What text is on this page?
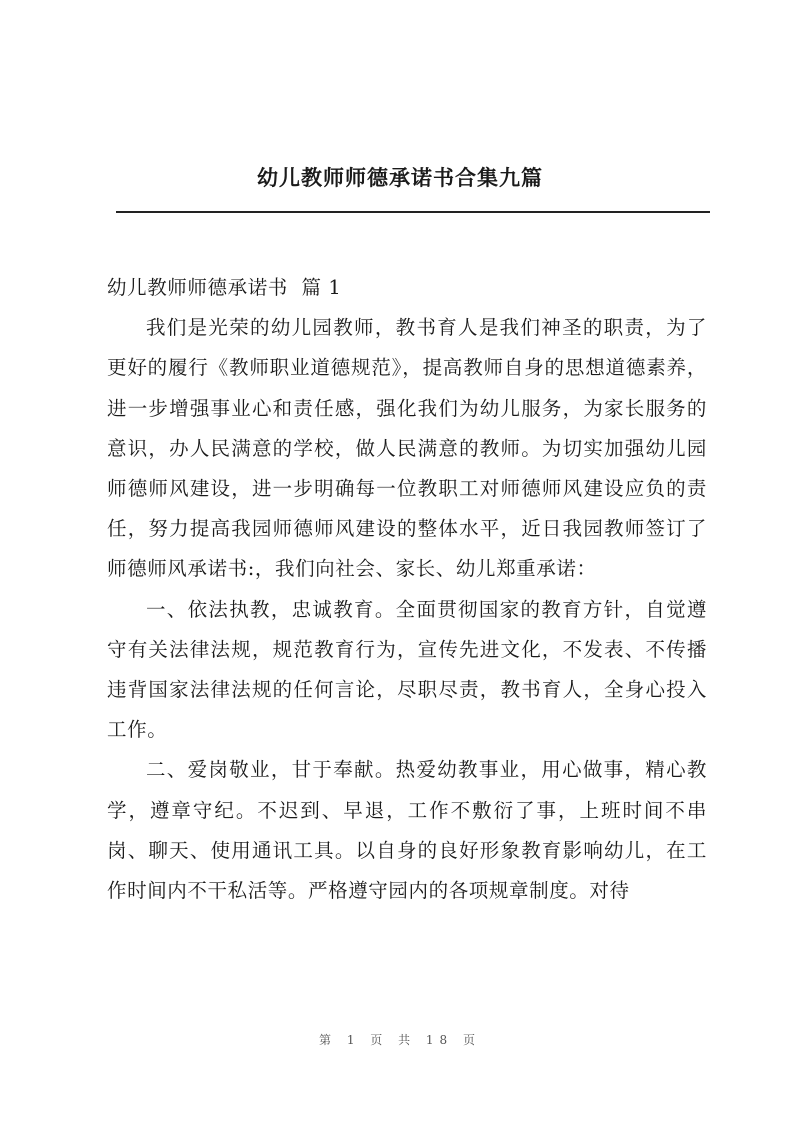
幼儿教师师德承诺书合集九篇

幼儿教师师德承诺书  篇 1

我们是光荣的幼儿园教师，教书育人是我们神圣的职责，为了更好的履行《教师职业道德规范》，提高教师自身的思想道德素养，进一步增强事业心和责任感，强化我们为幼儿服务，为家长服务的意识，办人民满意的学校，做人民满意的教师。为切实加强幼儿园师德师风建设，进一步明确每一位教职工对师德师风建设应负的责任，努力提高我园师德师风建设的整体水平，近日我园教师签订了师德师风承诺书:，我们向社会、家长、幼儿郑重承诺：

一、依法执教，忠诚教育。全面贯彻国家的教育方针，自觉遵守有关法律法规，规范教育行为，宣传先进文化，不发表、不传播违背国家法律法规的任何言论，尽职尽责，教书育人，全身心投入工作。

二、爱岗敬业，甘于奉献。热爱幼教事业，用心做事，精心教学，遵章守纪。不迟到、早退，工作不敷衍了事，上班时间不串岗、聊天、使用通讯工具。以自身的良好形象教育影响幼儿，在工作时间内不干私活等。严格遵守园内的各项规章制度。对待

第 1 页 共 18 页
